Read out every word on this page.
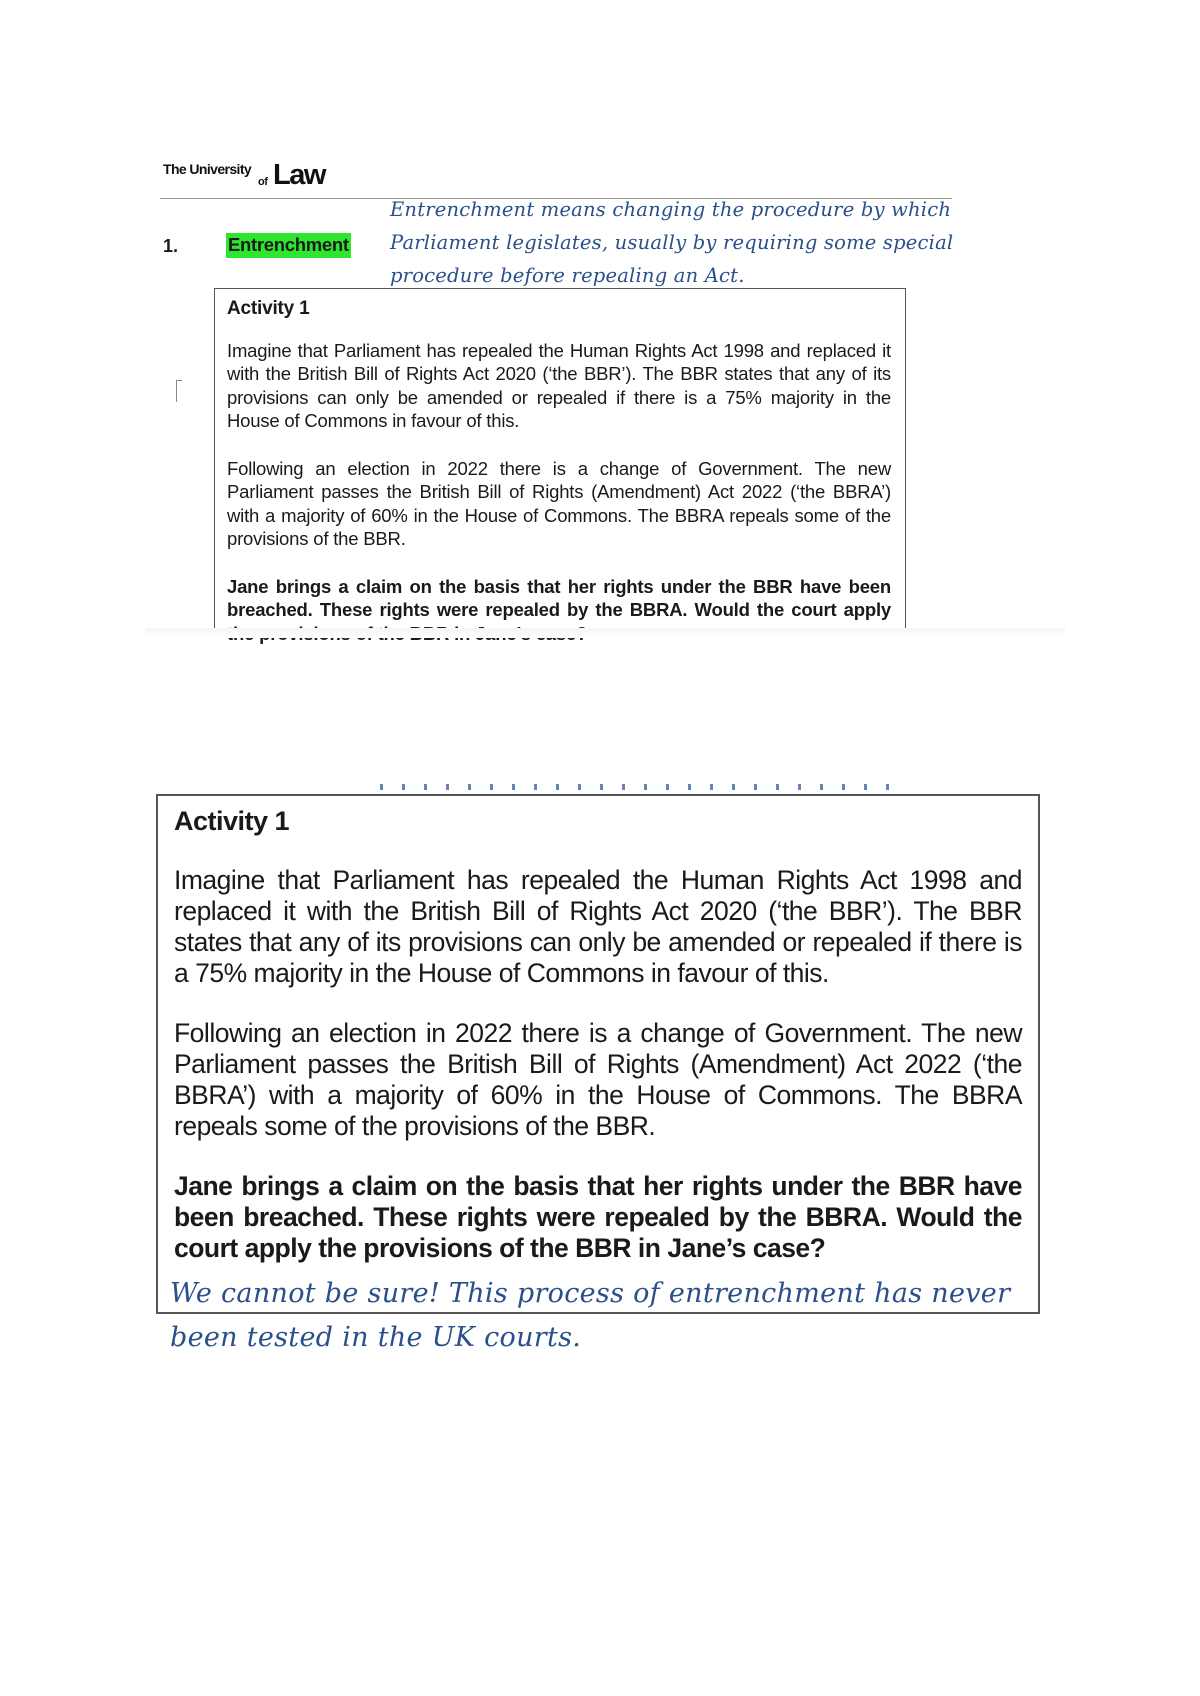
The University
of Law
Entrenchment means changing the procedure by which Parliament legislates, usually by requiring some special procedure before repealing an Act.
1.	Entrenchment
Activity 1

Imagine that Parliament has repealed the Human Rights Act 1998 and replaced it with the British Bill of Rights Act 2020 (‘the BBR’). The BBR states that any of its provisions can only be amended or repealed if there is a 75% majority in the House of Commons in favour of this.

Following an election in 2022 there is a change of Government. The new Parliament passes the British Bill of Rights (Amendment) Act 2022 (‘the BBRA’) with a majority of 60% in the House of Commons. The BBRA repeals some of the provisions of the BBR.

Jane brings a claim on the basis that her rights under the BBR have been breached. These rights were repealed by the BBRA. Would the court apply

Activity 1

Imagine that Parliament has repealed the Human Rights Act 1998 and replaced it with the British Bill of Rights Act 2020 (‘the BBR’). The BBR states that any of its provisions can only be amended or repealed if there is a 75% majority in the House of Commons in favour of this.

Following an election in 2022 there is a change of Government. The new Parliament passes the British Bill of Rights (Amendment) Act 2022 (‘the BBRA’) with a majority of 60% in the House of Commons. The BBRA repeals some of the provisions of the BBR.

Jane brings a claim on the basis that her rights under the BBR have been breached. These rights were repealed by the BBRA. Would the court apply the provisions of the BBR in Jane’s case?

We cannot be sure! This process of entrenchment has never been tested in the UK courts.
